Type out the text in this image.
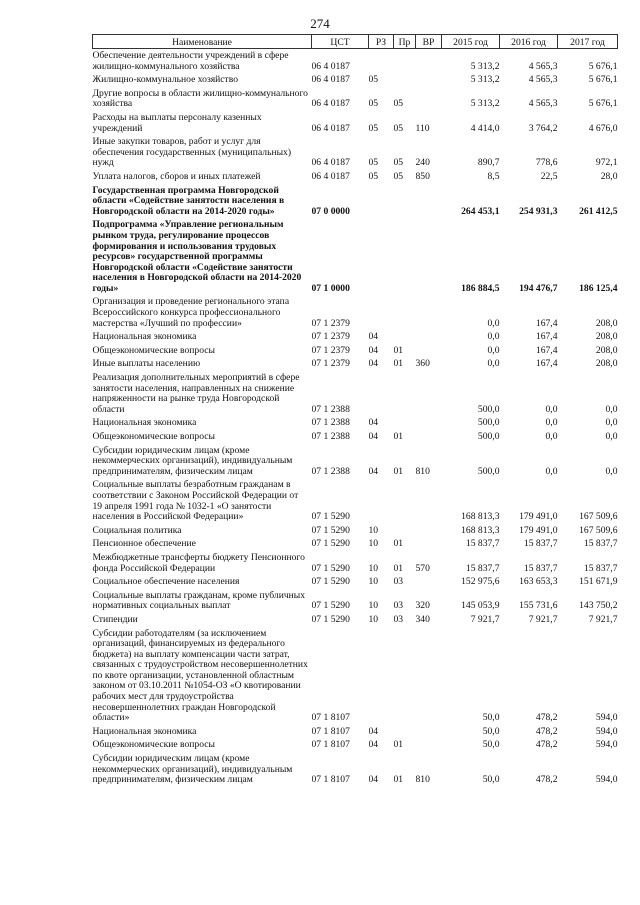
274
Наименование	ЦСТ	РЗ	Пр	ВР	2015 год	2016 год	2017 год
Обеспечение деятельности учреждений в сфере жилищно-коммунального хозяйства	06 4 0187				5 313,2	4 565,3	5 676,1
Жилищно-коммунальное хозяйство	06 4 0187	05			5 313,2	4 565,3	5 676,1
Другие вопросы в области жилищно-коммунального хозяйства	06 4 0187	05	05		5 313,2	4 565,3	5 676,1
Расходы на выплаты персоналу казенных учреждений	06 4 0187	05	05	110	4 414,0	3 764,2	4 676,0
Иные закупки товаров, работ и услуг для обеспечения государственных (муниципальных) нужд	06 4 0187	05	05	240	890,7	778,6	972,1
Уплата налогов, сборов и иных платежей	06 4 0187	05	05	850	8,5	22,5	28,0
Государственная программа Новгородской области «Содействие занятости населения в Новгородской области на 2014-2020 годы»	07 0 0000				264 453,1	254 931,3	261 412,5
Подпрограмма «Управление региональным рынком труда, регулирование процессов формирования и использования трудовых ресурсов» государственной программы Новгородской области «Содействие занятости населения в Новгородской области на 2014-2020 годы»	07 1 0000				186 884,5	194 476,7	186 125,4
Организация и проведение регионального этапа Всероссийского конкурса профессионального мастерства «Лучший по профессии»	07 1 2379				0,0	167,4	208,0
Национальная экономика	07 1 2379	04			0,0	167,4	208,0
Общеэкономические вопросы	07 1 2379	04	01		0,0	167,4	208,0
Иные выплаты населению	07 1 2379	04	01	360	0,0	167,4	208,0
Реализация дополнительных мероприятий в сфере занятости населения, направленных на снижение напряженности на рынке труда Новгородской области	07 1 2388				500,0	0,0	0,0
Национальная экономика	07 1 2388	04			500,0	0,0	0,0
Общеэкономические вопросы	07 1 2388	04	01		500,0	0,0	0,0
Субсидии юридическим лицам (кроме некоммерческих организаций), индивидуальным предпринимателям, физическим лицам	07 1 2388	04	01	810	500,0	0,0	0,0
Социальные выплаты безработным гражданам в соответствии с Законом Российской Федерации от 19 апреля 1991 года № 1032-1 «О занятости населения в Российской Федерации»	07 1 5290				168 813,3	179 491,0	167 509,6
Социальная политика	07 1 5290	10			168 813,3	179 491,0	167 509,6
Пенсионное обеспечение	07 1 5290	10	01		15 837,7	15 837,7	15 837,7
Межбюджетные трансферты бюджету Пенсионного фонда Российской Федерации	07 1 5290	10	01	570	15 837,7	15 837,7	15 837,7
Социальное обеспечение населения	07 1 5290	10	03		152 975,6	163 653,3	151 671,9
Социальные выплаты гражданам, кроме публичных нормативных социальных выплат	07 1 5290	10	03	320	145 053,9	155 731,6	143 750,2
Стипендии	07 1 5290	10	03	340	7 921,7	7 921,7	7 921,7
Субсидии работодателям (за исключением организаций, финансируемых из федерального бюджета) на выплату компенсации части затрат, связанных с трудоустройством несовершеннолетних по квоте организации, установленной областным законом от 03.10.2011 №1054-ОЗ «О квотировании рабочих мест для трудоустройства несовершеннолетних граждан Новгородской области»	07 1 8107				50,0	478,2	594,0
Национальная экономика	07 1 8107	04			50,0	478,2	594,0
Общеэкономические вопросы	07 1 8107	04	01		50,0	478,2	594,0
Субсидии юридическим лицам (кроме некоммерческих организаций), индивидуальным предпринимателям, физическим лицам	07 1 8107	04	01	810	50,0	478,2	594,0
